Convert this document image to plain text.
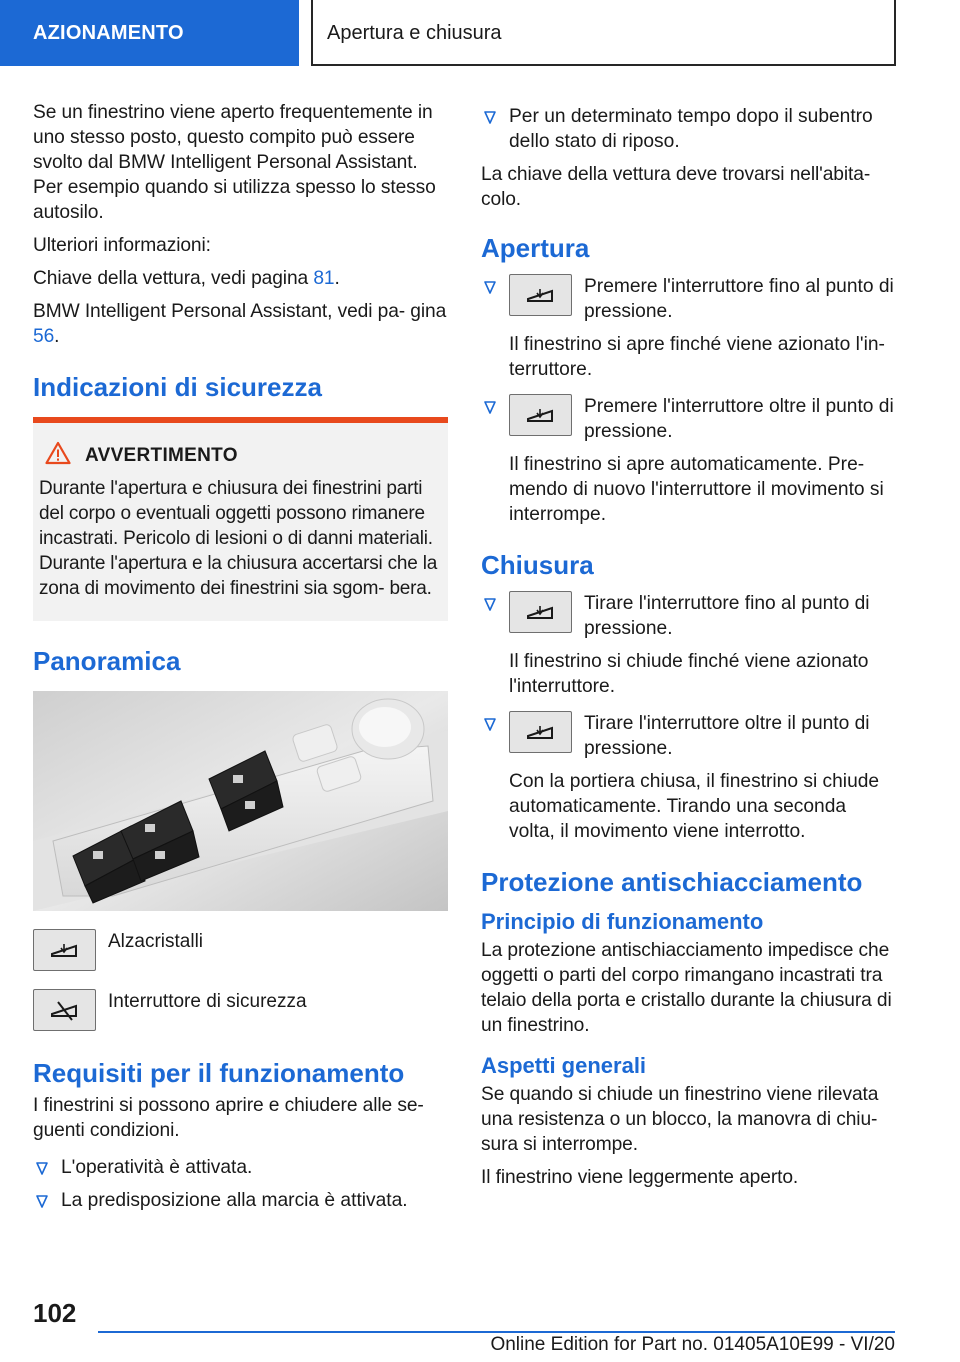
AZIONAMENTO	Apertura e chiusura

Se un finestrino viene aperto frequentemente in uno stesso posto, questo compito può essere svolto dal BMW Intelligent Personal Assistant. Per esempio quando si utilizza spesso lo stesso autosilo.

Ulteriori informazioni:

Chiave della vettura, vedi pagina 81.

BMW Intelligent Personal Assistant, vedi pa- gina 56.

Indicazioni di sicurezza
AVVERTIMENTO
Durante l'apertura e chiusura dei finestrini parti del corpo o eventuali oggetti possono rimanere incastrati. Pericolo di lesioni o di danni materiali. Durante l'apertura e la chiusura accertarsi che la zona di movimento dei finestrini sia sgom- bera.
Panoramica
Alzacristalli
Interruttore di sicurezza
Requisiti per il funzionamento

I finestrini si possono aprire e chiudere alle se- guenti condizioni.

L'operatività è attivata.
La predisposizione alla marcia è attivata.
Per un determinato tempo dopo il subentro dello stato di riposo.

La chiave della vettura deve trovarsi nell'abita- colo.

Apertura
Premere l'interruttore fino al punto di pressione.
Il finestrino si apre finché viene azionato l'in- terruttore.
Premere l'interruttore oltre il punto di pressione.
Il finestrino si apre automaticamente. Pre- mendo di nuovo l'interruttore il movimento si interrompe.
Chiusura
Tirare l'interruttore fino al punto di pressione.
Il finestrino si chiude finché viene azionato l'interruttore.
Tirare l'interruttore oltre il punto di pressione.
Con la portiera chiusa, il finestrino si chiude automaticamente. Tirando una seconda volta, il movimento viene interrotto.
Protezione antischiacciamento
Principio di funzionamento

La protezione antischiacciamento impedisce che oggetti o parti del corpo rimangano incastrati tra telaio della porta e cristallo durante la chiusura di un finestrino.

Aspetti generali

Se quando si chiude un finestrino viene rilevata una resistenza o un blocco, la manovra di chiu- sura si interrompe.

Il finestrino viene leggermente aperto.

102
Online Edition for Part no. 01405A10E99 - VI/20
